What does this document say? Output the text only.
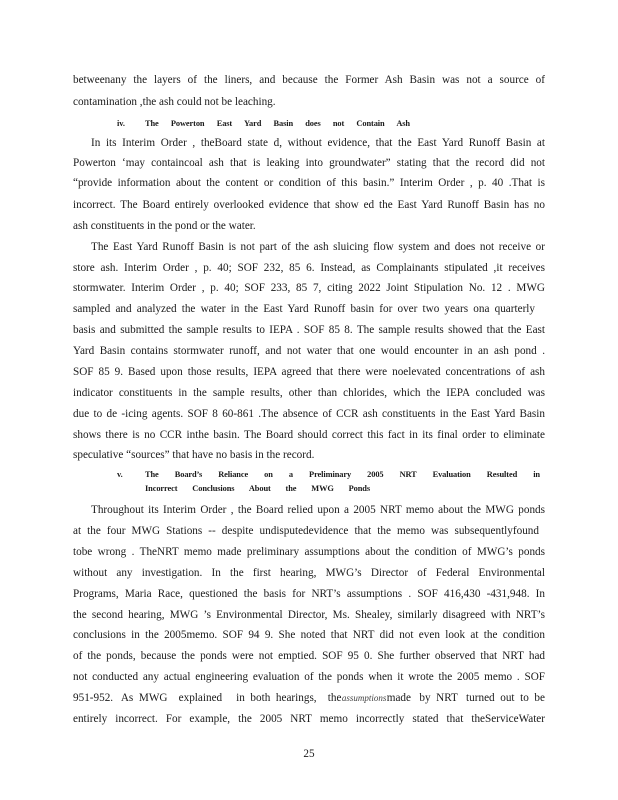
betweenany the layers of the liners, and because the Former Ash Basin was not a source of
contamination ,the ash could not be leaching.
iv. The Powerton East Yard Basin does not Contain Ash
In its Interim Order , theBoard state d, without evidence, that the East Yard Runoff Basin at
Powerton ‘may containcoal ash that is leaking into groundwater” stating that the record did not
“provide information about the content or condition of this basin.” Interim Order , p. 40 .That is
incorrect. The Board entirely overlooked evidence that show ed the East Yard Runoff Basin has no
ash constituents in the pond or the water.
The East Yard Runoff Basin is not part of the ash sluicing flow system and does not receive or
store ash. Interim Order , p. 40; SOF 232, 85 6. Instead, as Complainants stipulated ,it receives
stormwater. Interim Order , p. 40; SOF 233, 85 7, citing 2022 Joint Stipulation No. 12 . MWG
sampled and analyzed the water in the East Yard Runoff basin for over two years ona quarterly
basis and submitted the sample results to IEPA . SOF 85 8. The sample results showed that the East
Yard Basin contains stormwater runoff, and not water that one would encounter in an ash pond .
SOF 85 9. Based upon those results, IEPA agreed that there were noelevated concentrations of ash
indicator constituents in the sample results, other than chlorides, which the IEPA concluded was
due to de -icing agents. SOF 8 60-861 .The absence of CCR ash constituents in the East Yard Basin
shows there is no CCR inthe basin. The Board should correct this fact in its final order to eliminate
speculative “sources” that have no basis in the record.
v.	The Board’s Reliance on a Preliminary 2005 NRT Evaluation Resulted in
Incorrect Conclusions About the MWG Ponds
Throughout its Interim Order , the Board relied upon a 2005 NRT memo about the MWG ponds
at the four MWG Stations -- despite undisputedevidence that the memo was subsequentlyfound
tobe wrong . TheNRT memo made preliminary assumptions about the condition of MWG’s ponds
without any investigation. In the first hearing, MWG’s Director of Federal Environmental
Programs, Maria Race, questioned the basis for NRT’s assumptions . SOF 416,430 -431,948. In
the second hearing, MWG ’s Environmental Director, Ms. Shealey, similarly disagreed with NRT’s
conclusions in the 2005memo. SOF 94 9. She noted that NRT did not even look at the condition
of the ponds, because the ponds were not emptied. SOF 95 0. She further observed that NRT had
not conducted any actual engineering evaluation of the ponds when it wrote the 2005 memo . SOF
951-952.   As  MWG    explained     in  both  hearings,    the assumptions made   by  NRT   turned  out  to  be
entirely incorrect. For example, the 2005 NRT memo incorrectly stated that theServiceWater
25
